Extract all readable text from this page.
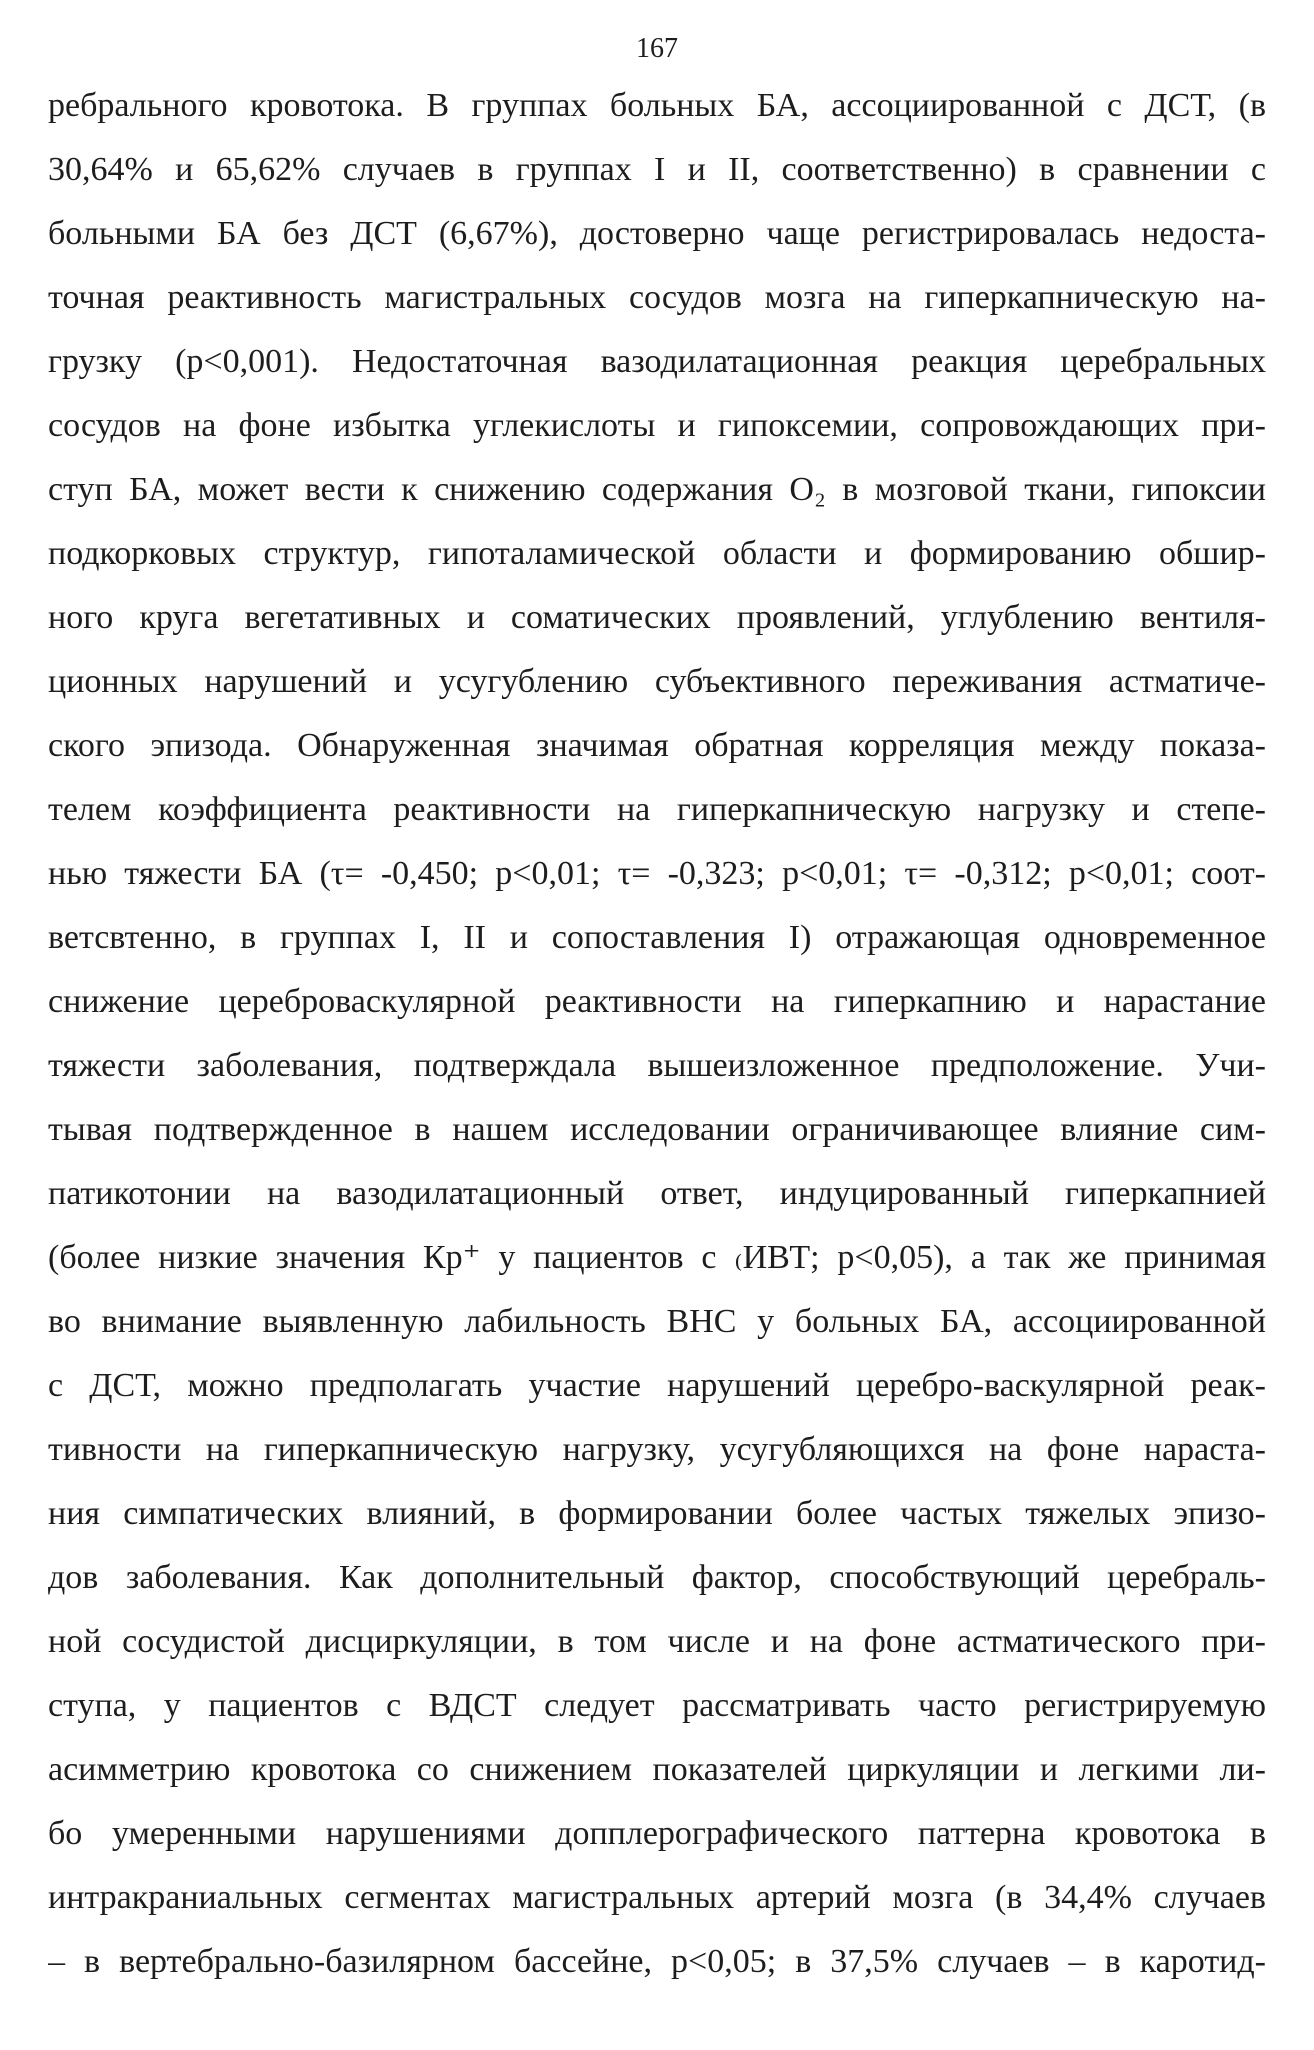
167
ребрального кровотока. В группах больных БА, ассоциированной с ДСТ, (в
30,64% и 65,62% случаев в группах I и II, соответственно) в сравнении с
больными БА без ДСТ (6,67%), достоверно чаще регистрировалась недоста-
точная реактивность магистральных сосудов мозга на гиперкапническую на-
грузку (p<0,001). Недостаточная вазодилатационная реакция церебральных
сосудов на фоне избытка углекислоты и гипоксемии, сопровождающих при-
ступ БА, может вести к снижению содержания O₂ в мозговой ткани, гипоксии
подкорковых структур, гипоталамической области и формированию обшир-
ного круга вегетативных и соматических проявлений, углублению вентиля-
ционных нарушений и усугублению субъективного переживания астматиче-
ского эпизода. Обнаруженная значимая обратная корреляция между показа-
телем коэффициента реактивности на гиперкапническую нагрузку и степе-
нью тяжести БА (τ= -0,450; p<0,01; τ= -0,323; p<0,01; τ= -0,312; p<0,01; соот-
ветсвтенно, в группах I, II и сопоставления I) отражающая одновременное
снижение цереброваскулярной реактивности на гиперкапнию и нарастание
тяжести заболевания, подтверждала вышеизложенное предположение. Учи-
тывая подтвержденное в нашем исследовании ограничивающее влияние сим-
патикотонии на вазодилатационный ответ, индуцированный гиперкапнией
(более низкие значения Кр⁺ у пациентов с ₍ИВТ; p<0,05), а так же принимая
во внимание выявленную лабильность ВНС у больных БА, ассоциированной
с ДСТ, можно предполагать участие нарушений церебро-васкулярной реак-
тивности на гиперкапническую нагрузку, усугубляющихся на фоне нараста-
ния симпатических влияний, в формировании более частых тяжелых эпизо-
дов заболевания. Как дополнительный фактор, способствующий церебраль-
ной сосудистой дисциркуляции, в том числе и на фоне астматического при-
ступа, у пациентов с ВДСТ следует рассматривать часто регистрируемую
асимметрию кровотока со снижением показателей циркуляции и легкими ли-
бо умеренными нарушениями допплерографического паттерна кровотока в
интракраниальных сегментах магистральных артерий мозга (в 34,4% случаев
– в вертебрально-базилярном бассейне, p<0,05; в 37,5% случаев – в каротид-
